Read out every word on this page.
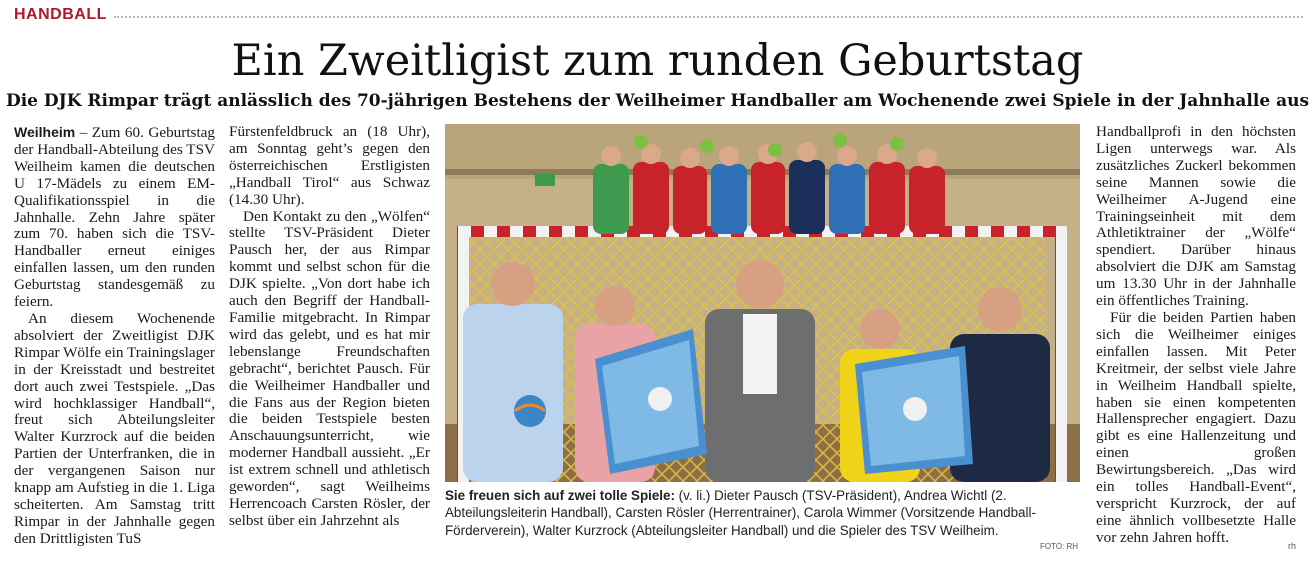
HANDBALL
Ein Zweitligist zum runden Geburtstag
Die DJK Rimpar trägt anlässlich des 70-jährigen Bestehens der Weilheimer Handballer am Wochenende zwei Spiele in der Jahnhalle aus

Weilheim – Zum 60. Geburtstag der Handball-Abteilung des TSV Weilheim kamen die deutschen U 17-Mädels zu einem EM-Qualifikationsspiel in die Jahnhalle. Zehn Jahre später zum 70. haben sich die TSV-Handballer erneut einiges einfallen lassen, um den runden Geburtstag standesgemäß zu feiern.

An diesem Wochenende absolviert der Zweitligist DJK Rimpar Wölfe ein Trainingslager in der Kreisstadt und bestreitet dort auch zwei Testspiele. „Das wird hochklassiger Handball“, freut sich Abteilungsleiter Walter Kurzrock auf die beiden Partien der Unterfranken, die in der vergangenen Saison nur knapp am Aufstieg in die 1. Liga scheiterten. Am Samstag tritt Rimpar in der Jahnhalle gegen den Drittligisten TuS

Fürstenfeldbruck an (18 Uhr), am Sonntag geht’s gegen den österreichischen Erstligisten „Handball Tirol“ aus Schwaz (14.30 Uhr).

Den Kontakt zu den „Wölfen“ stellte TSV-Präsident Dieter Pausch her, der aus Rimpar kommt und selbst schon für die DJK spielte. „Von dort habe ich auch den Begriff der Handball-Familie mitgebracht. In Rimpar wird das gelebt, und es hat mir lebenslange Freundschaften gebracht“, berichtet Pausch. Für die Weilheimer Handballer und die Fans aus der Region bieten die beiden Testspiele besten Anschauungsunterricht, wie moderner Handball aussieht. „Er ist extrem schnell und athletisch geworden“, sagt Weilheims Herrencoach Carsten Rösler, der selbst über ein Jahrzehnt als

Sie freuen sich auf zwei tolle Spiele: (v. li.) Dieter Pausch (TSV-Präsident), Andrea Wichtl (2. Abteilungsleiterin Handball), Carsten Rösler (Herrentrainer), Carola Wimmer (Vorsitzende Handball-Förderverein), Walter Kurzrock (Abteilungsleiter Handball) und die Spieler des TSV Weilheim.
FOTO: RH

Handballprofi in den höchsten Ligen unterwegs war. Als zusätzliches Zuckerl bekommen seine Mannen sowie die Weilheimer A-Jugend eine Trainingseinheit mit dem Athletiktrainer der „Wölfe“ spendiert. Darüber hinaus absolviert die DJK am Samstag um 13.30 Uhr in der Jahnhalle ein öffentliches Training.

Für die beiden Partien haben sich die Weilheimer einiges einfallen lassen. Mit Peter Kreitmeir, der selbst viele Jahre in Weilheim Handball spielte, haben sie einen kompetenten Hallensprecher engagiert. Dazu gibt es eine Hallenzeitung und einen großen Bewirtungsbereich. „Das wird ein tolles Handball-Event“, verspricht Kurzrock, der auf eine ähnlich vollbesetzte Halle vor zehn Jahren hofft.

rh
